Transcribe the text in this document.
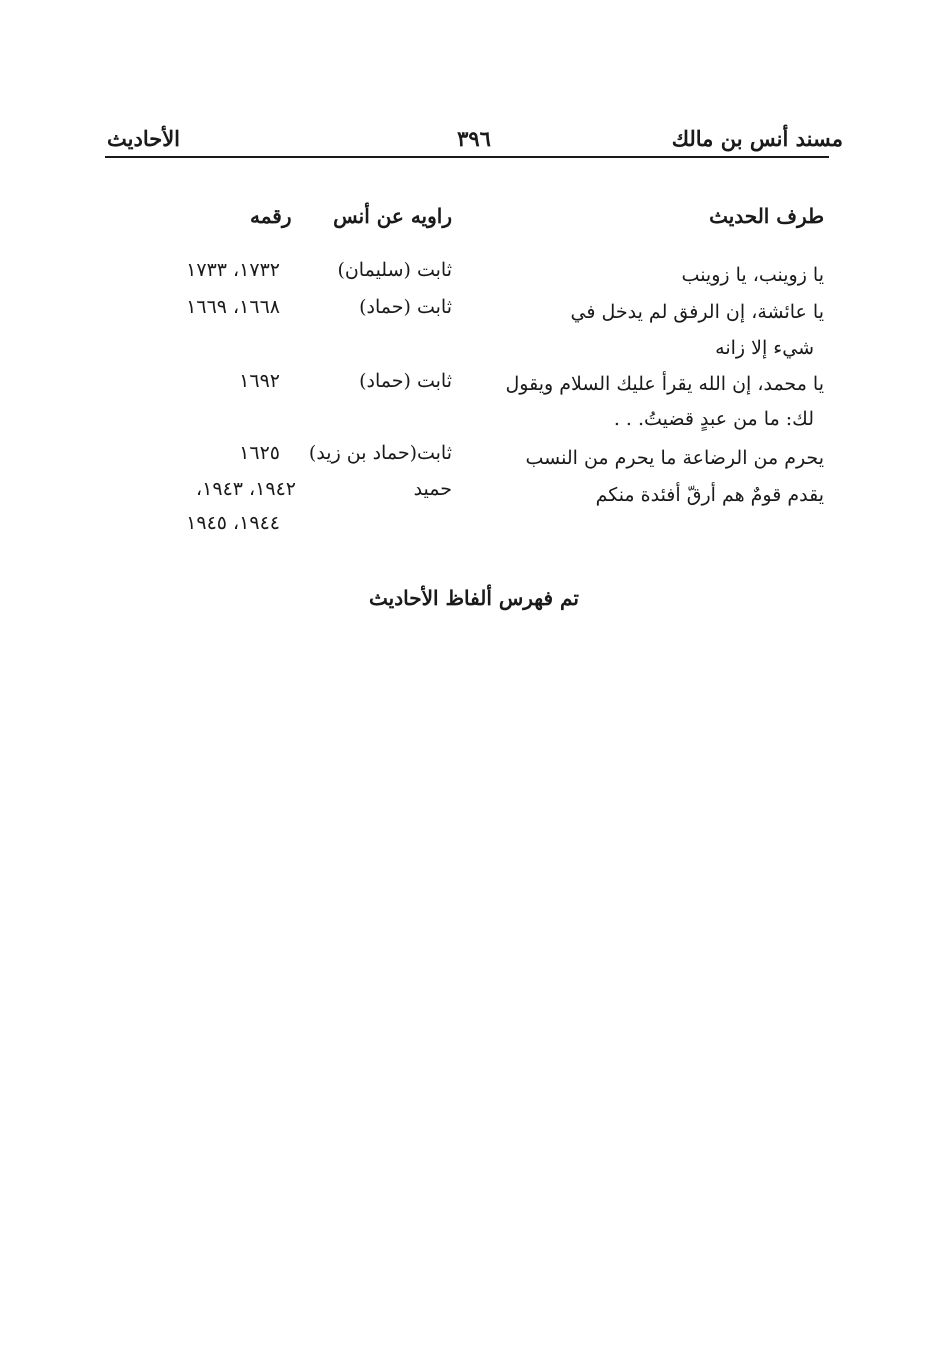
مسند أنس بن مالك
٣٩٦
الأحاديث
طرف الحديث
راويه عن أنس
رقمه
يا زوينب، يا زوينب
ثابت (سليمان)
١٧٣٢، ١٧٣٣
يا عائشة، إن الرفق لم يدخل في
شيء إلا زانه
ثابت (حماد)
١٦٦٨، ١٦٦٩
يا محمد، إن الله يقرأ عليك السلام ويقول
لك: ما من عبدٍ قضيتُ. . .
ثابت (حماد)
١٦٩٢
يحرم من الرضاعة ما يحرم من النسب
ثابت(حماد بن زيد)
١٦٢٥
يقدم قومٌ هم أرقّ أفئدة منكم
حميد
١٩٤٢، ١٩٤٣،
١٩٤٤، ١٩٤٥
تم فهرس ألفاظ الأحاديث
